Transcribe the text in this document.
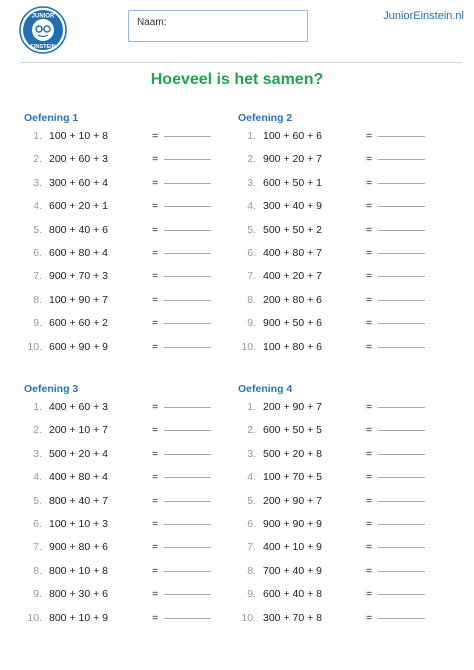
JUNIOR
EINSTEIN
Naam:
JuniorEinstein.nl
Hoeveel is het samen?
Oefening 1
1. 100 + 10 + 8	=
2. 200 + 60 + 3	=
3. 300 + 60 + 4	=
4. 600 + 20 + 1	=
5. 800 + 40 + 6	=
6. 600 + 80 + 4	=
7. 900 + 70 + 3	=
8. 100 + 90 + 7	=
9. 600 + 60 + 2	=
10. 600 + 90 + 9	=
Oefening 2
1. 100 + 60 + 6	=
2. 900 + 20 + 7	=
3. 600 + 50 + 1	=
4. 300 + 40 + 9	=
5. 500 + 50 + 2	=
6. 400 + 80 + 7	=
7. 400 + 20 + 7	=
8. 200 + 80 + 6	=
9. 900 + 50 + 6	=
10. 100 + 80 + 6	=
Oefening 3
1. 400 + 60 + 3	=
2. 200 + 10 + 7	=
3. 500 + 20 + 4	=
4. 400 + 80 + 4	=
5. 800 + 40 + 7	=
6. 100 + 10 + 3	=
7. 900 + 80 + 6	=
8. 800 + 10 + 8	=
9. 800 + 30 + 6	=
10. 800 + 10 + 9	=
Oefening 4
1. 200 + 90 + 7	=
2. 600 + 50 + 5	=
3. 500 + 20 + 8	=
4. 100 + 70 + 5	=
5. 200 + 90 + 7	=
6. 900 + 90 + 9	=
7. 400 + 10 + 9	=
8. 700 + 40 + 9	=
9. 600 + 40 + 8	=
10. 300 + 70 + 8	=
